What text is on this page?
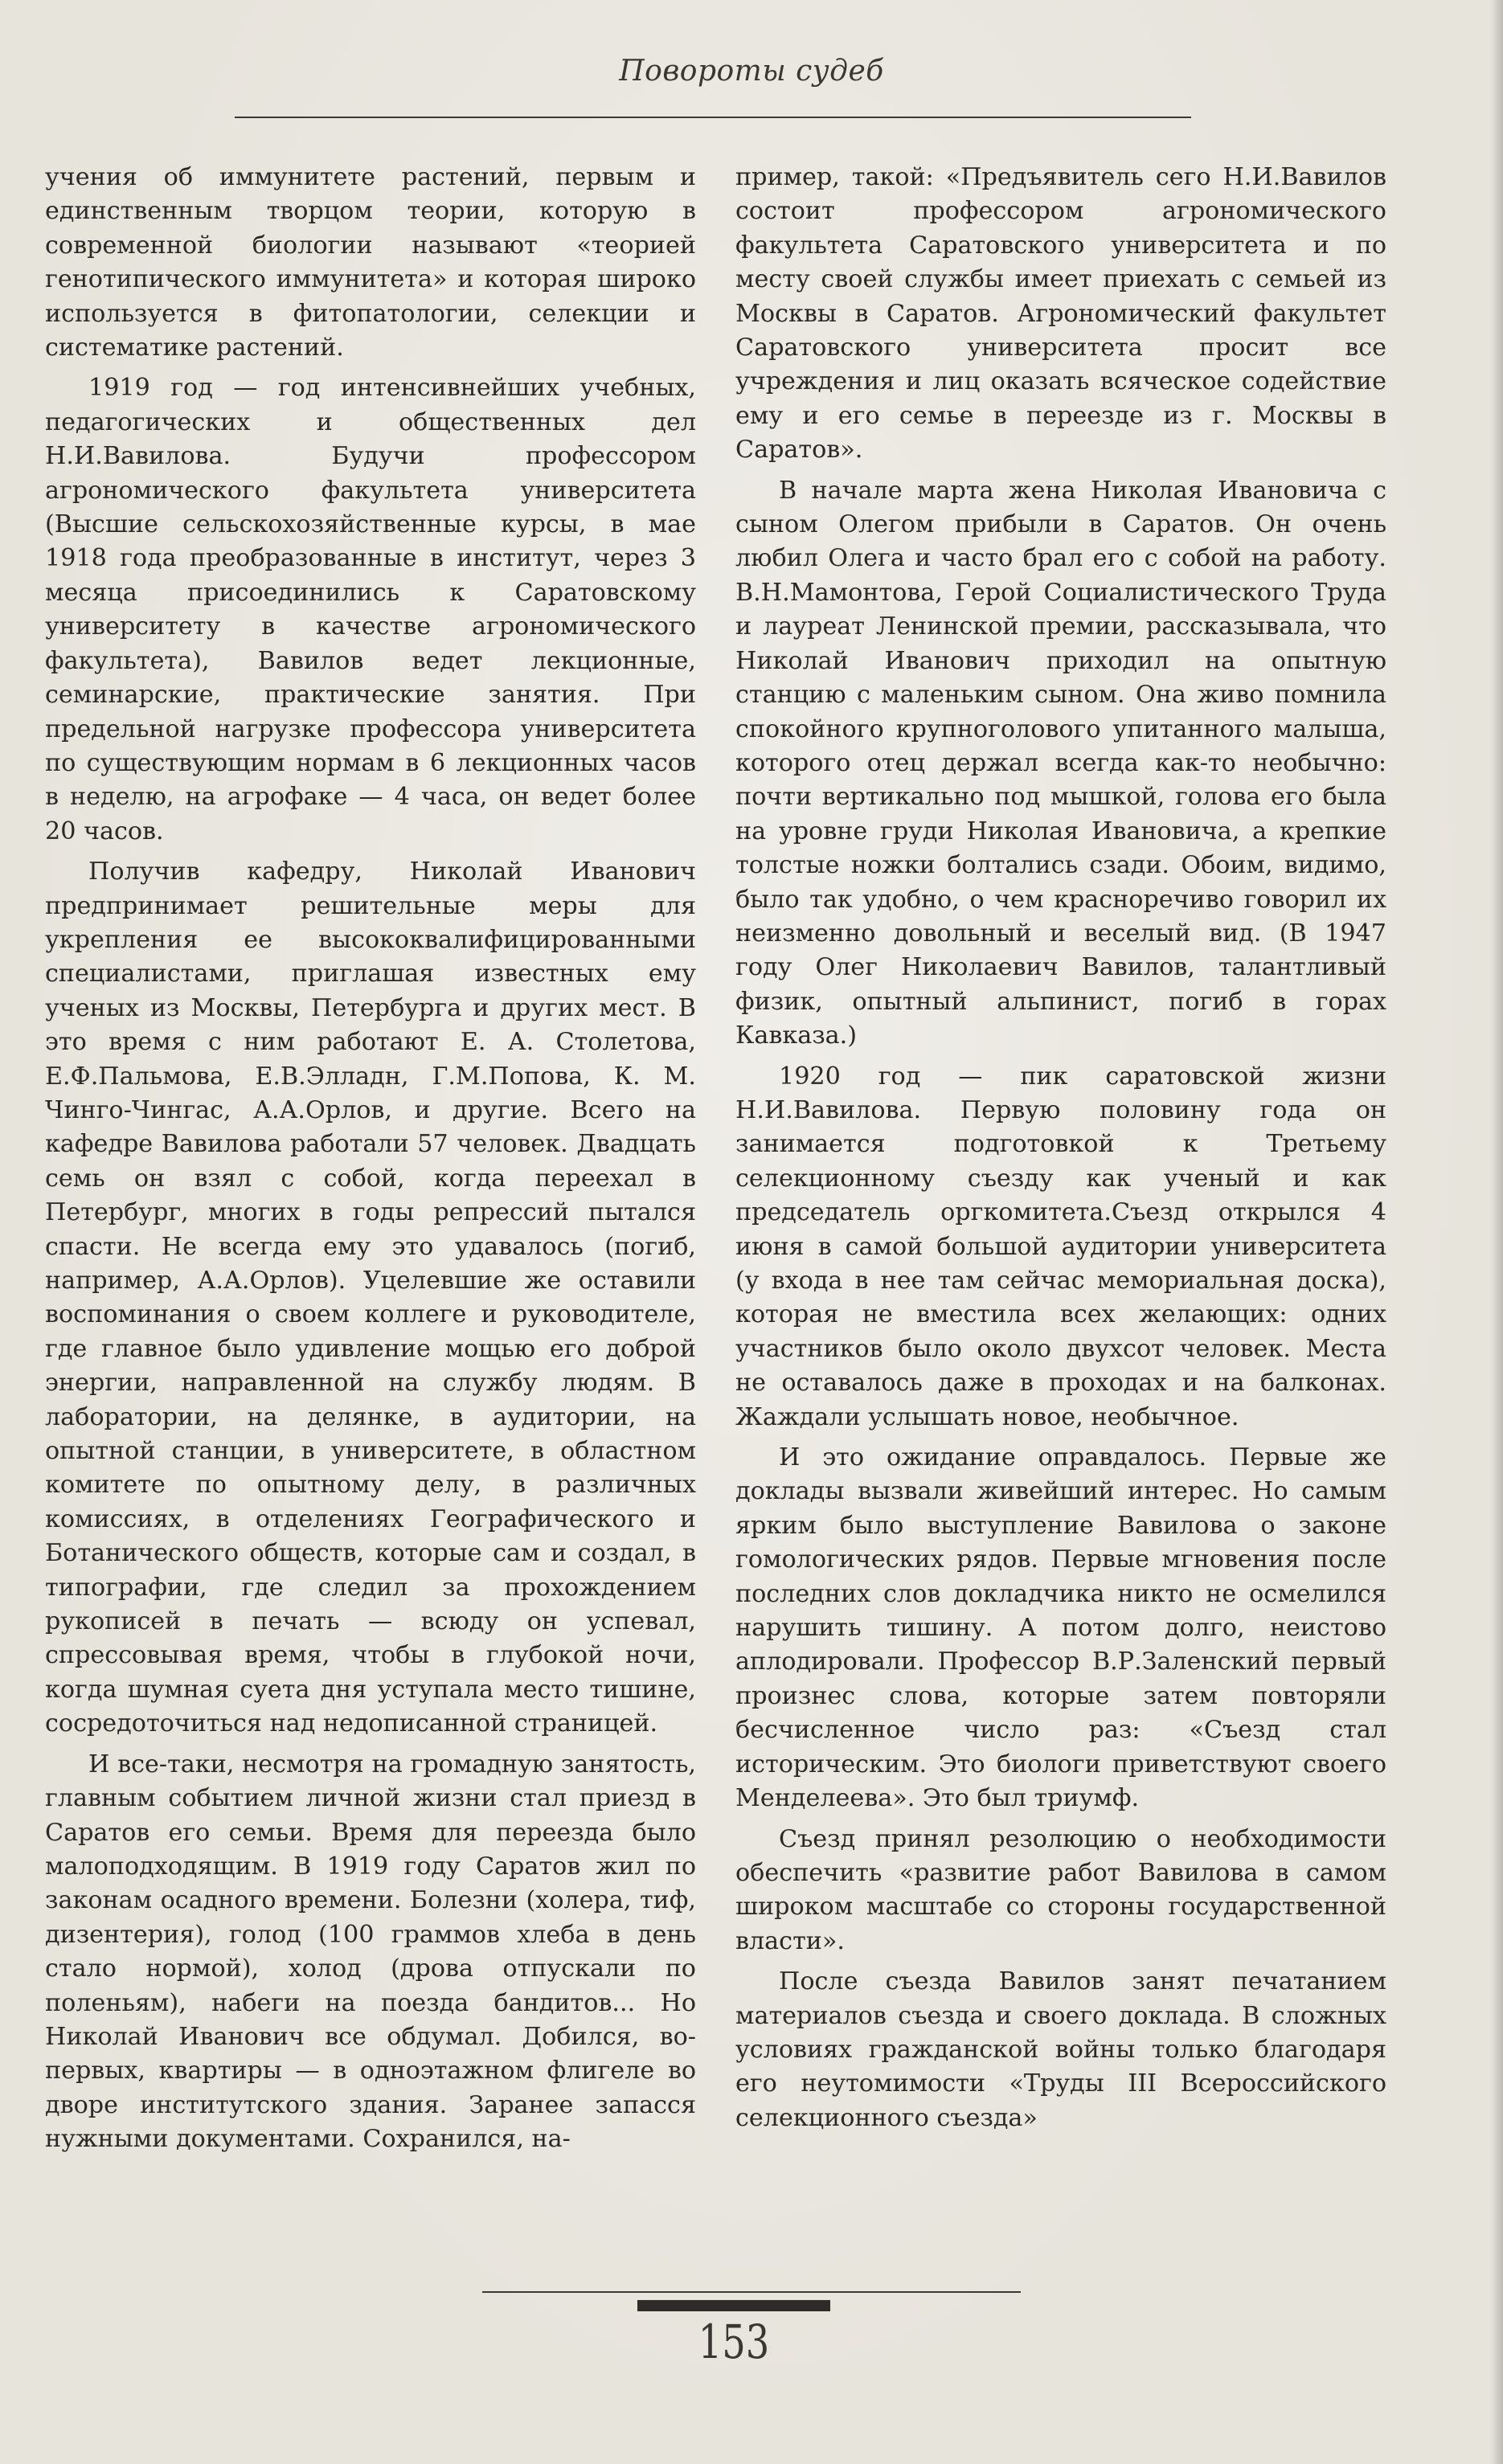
Повороты судеб

учения об иммунитете растений, первым и единственным творцом теории, которую в современной биологии называют «теорией генотипического иммунитета» и которая широко используется в фитопатологии, селекции и систематике растений.

1919 год — год интенсивнейших учебных, педагогических и общественных дел Н.И.Вавилова. Будучи профессором агрономического факультета университета (Высшие сельскохозяйственные курсы, в мае 1918 года преобразованные в институт, через 3 месяца присоединились к Саратовскому университету в качестве агрономического факультета), Вавилов ведет лекционные, семинарские, практические занятия. При предельной нагрузке профессора университета по существующим нормам в 6 лекционных часов в неделю, на агрофаке — 4 часа, он ведет более 20 часов.

Получив кафедру, Николай Иванович предпринимает решительные меры для укрепления ее высококвалифицированными специалистами, приглашая известных ему ученых из Москвы, Петербурга и других мест. В это время с ним работают Е. А. Столетова, Е.Ф.Пальмова, Е.В.Элладн, Г.М.Попова, К. М. Чинго-Чингас, А.А.Орлов, и другие. Всего на кафедре Вавилова работали 57 человек. Двадцать семь он взял с собой, когда переехал в Петербург, многих в годы репрессий пытался спасти. Не всегда ему это удавалось (погиб, например, А.А.Орлов). Уцелевшие же оставили воспоминания о своем коллеге и руководителе, где главное было удивление мощью его доброй энергии, направленной на службу людям. В лаборатории, на делянке, в аудитории, на опытной станции, в университете, в областном комитете по опытному делу, в различных комиссиях, в отделениях Географического и Ботанического обществ, которые сам и создал, в типографии, где следил за прохождением рукописей в печать — всюду он успевал, спрессовывая время, чтобы в глубокой ночи, когда шумная суета дня уступала место тишине, сосредоточиться над недописанной страницей.

И все-таки, несмотря на громадную занятость, главным событием личной жизни стал приезд в Саратов его семьи. Время для переезда было малоподходящим. В 1919 году Саратов жил по законам осадного времени. Болезни (холера, тиф, дизентерия), голод (100 граммов хлеба в день стало нормой), холод (дрова отпускали по поленьям), набеги на поезда бандитов... Но Николай Иванович все обдумал. Добился, во-первых, квартиры — в одноэтажном флигеле во дворе институтского здания. Заранее запасся нужными документами. Сохранился, на-

пример, такой: «Предъявитель сего Н.И.Вавилов состоит профессором агрономического факультета Саратовского университета и по месту своей службы имеет приехать с семьей из Москвы в Саратов. Агрономический факультет Саратовского университета просит все учреждения и лиц оказать всяческое содействие ему и его семье в переезде из г. Москвы в Саратов».

В начале марта жена Николая Ивановича с сыном Олегом прибыли в Саратов. Он очень любил Олега и часто брал его с собой на работу. В.Н.Мамонтова, Герой Социалистического Труда и лауреат Ленинской премии, рассказывала, что Николай Иванович приходил на опытную станцию с маленьким сыном. Она живо помнила спокойного крупноголового упитанного малыша, которого отец держал всегда как-то необычно: почти вертикально под мышкой, голова его была на уровне груди Николая Ивановича, а крепкие толстые ножки болтались сзади. Обоим, видимо, было так удобно, о чем красноречиво говорил их неизменно довольный и веселый вид. (В 1947 году Олег Николаевич Вавилов, талантливый физик, опытный альпинист, погиб в горах Кавказа.)

1920 год — пик саратовской жизни Н.И.Вавилова. Первую половину года он занимается подготовкой к Третьему селекционному съезду как ученый и как председатель оргкомитета.Съезд открылся 4 июня в самой большой аудитории университета (у входа в нее там сейчас мемориальная доска), которая не вместила всех желающих: одних участников было около двухсот человек. Места не оставалось даже в проходах и на балконах. Жаждали услышать новое, необычное.

И это ожидание оправдалось. Первые же доклады вызвали живейший интерес. Но самым ярким было выступление Вавилова о законе гомологических рядов. Первые мгновения после последних слов докладчика никто не осмелился нарушить тишину. А потом долго, неистово аплодировали. Профессор В.Р.Заленский первый произнес слова, которые затем повторяли бесчисленное число раз: «Съезд стал историческим. Это биологи приветствуют своего Менделеева». Это был триумф.

Съезд принял резолюцию о необходимости обеспечить «развитие работ Вавилова в самом широком масштабе со стороны государственной власти».

После съезда Вавилов занят печатанием материалов съезда и своего доклада. В сложных условиях гражданской войны только благодаря его неутомимости «Труды III Всероссийского селекционного съезда»

153
